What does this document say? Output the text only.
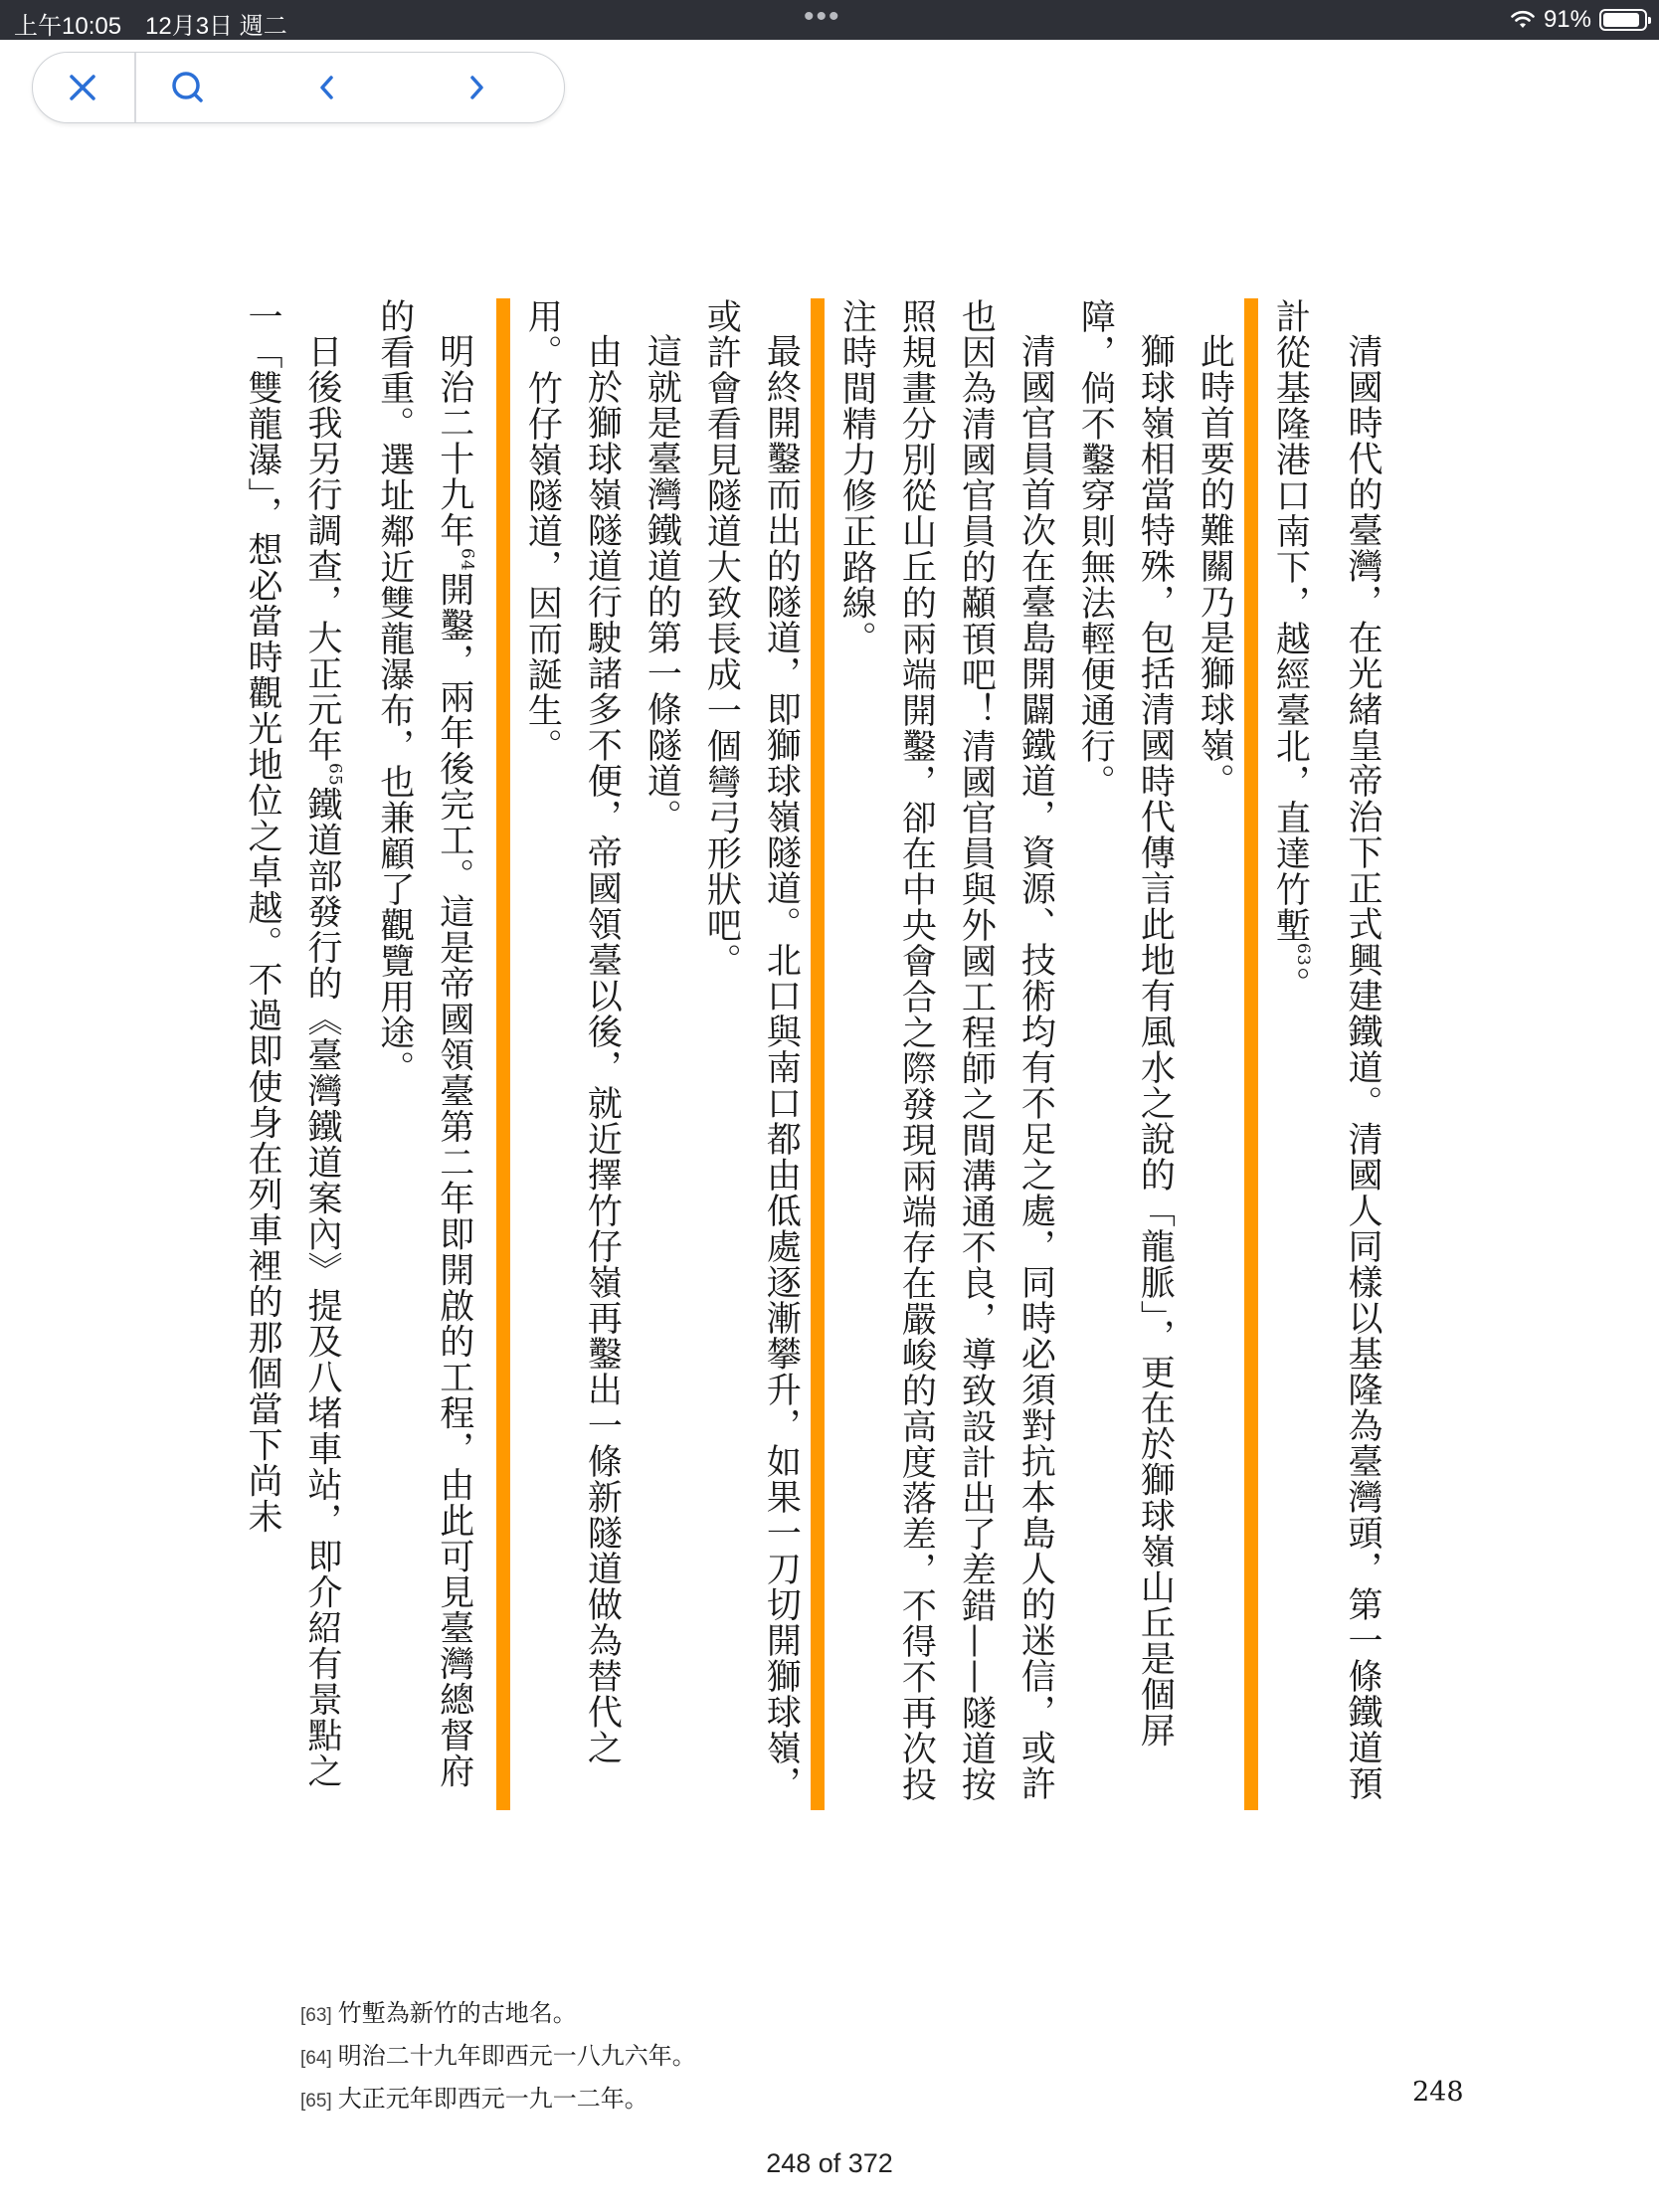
上午10:05 12月3日 週二	•••	91%

清國時代的臺灣，在光緒皇帝治下正式興建鐵道。清國人同樣以基隆為臺灣頭，第一條鐵道預計從基隆港口南下，越經臺北，直達竹塹$^{63}$。

此時首要的難關乃是獅球嶺。

獅球嶺相當特殊，包括清國時代傳言此地有風水之說的「龍脈」，更在於獅球嶺山丘是個屏障，倘不鑿穿則無法輕便通行。

清國官員首次在臺島開闢鐵道，資源、技術均有不足之處，同時必須對抗本島人的迷信，或許也因為清國官員的顢頇吧！清國官員與外國工程師之間溝通不良，導致設計出了差錯——隧道按照規畫分別從山丘的兩端開鑿，卻在中央會合之際發現兩端存在嚴峻的高度落差，不得不再次投注時間精力修正路線。

最終開鑿而出的隧道，即獅球嶺隧道。北口與南口都由低處逐漸攀升，如果一刀切開獅球嶺，或許會看見隧道大致長成一個彎弓形狀吧。

這就是臺灣鐵道的第一條隧道。

由於獅球嶺隧道行駛諸多不便，帝國領臺以後，就近擇竹仔嶺再鑿出一條新隧道做為替代之用。竹仔嶺隧道，因而誕生。

明治二十九年$^{64}$開鑿，兩年後完工。這是帝國領臺第二年即開啟的工程，由此可見臺灣總督府的看重。選址鄰近雙龍瀑布，也兼顧了觀覽用途。

日後我另行調查，大正元年$^{65}$鐵道部發行的《臺灣鐵道案內》提及八堵車站，即介紹有景點之一「雙龍瀑」，想必當時觀光地位之卓越。不過即使身在列車裡的那個當下尚未

[63] 竹塹為新竹的古地名。
[64] 明治二十九年即西元一八九六年。
[65] 大正元年即西元一九一二年。	248
248 of 372
